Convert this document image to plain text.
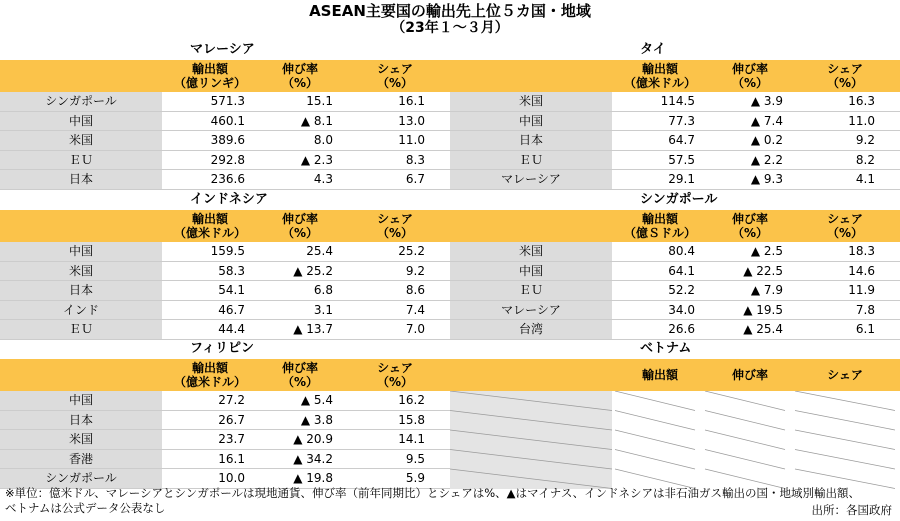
ASEAN主要国の輸出先上位５カ国・地域
（23年１～３月）
マレーシア
輸出額
（億リンギ）
伸び率
（%）
シェア
（%）
シンガポール	571.3	15.1	16.1
中国	460.1	▲ 8.1	13.0
米国	389.6	8.0	11.0
ＥＵ	292.8	▲ 2.3	8.3
日本	236.6	4.3	6.7
タイ
輸出額
（億米ドル）
伸び率
（%）
シェア
（%）
米国	114.5	▲ 3.9	16.3
中国	77.3	▲ 7.4	11.0
日本	64.7	▲ 0.2	9.2
ＥＵ	57.5	▲ 2.2	8.2
マレーシア	29.1	▲ 9.3	4.1
インドネシア
輸出額
（億米ドル）
伸び率
（%）
シェア
（%）
中国	159.5	25.4	25.2
米国	58.3	▲ 25.2	9.2
日本	54.1	6.8	8.6
インド	46.7	3.1	7.4
ＥＵ	44.4	▲ 13.7	7.0
シンガポール
輸出額
（億Ｓドル）
伸び率
（%）
シェア
（%）
米国	80.4	▲ 2.5	18.3
中国	64.1	▲ 22.5	14.6
ＥＵ	52.2	▲ 7.9	11.9
マレーシア	34.0	▲ 19.5	7.8
台湾	26.6	▲ 25.4	6.1
フィリピン
輸出額
（億米ドル）
伸び率
（%）
シェア
（%）
中国	27.2	▲ 5.4	16.2
日本	26.7	▲ 3.8	15.8
米国	23.7	▲ 20.9	14.1
香港	16.1	▲ 34.2	9.5
シンガポール	10.0	▲ 19.8	5.9
ベトナム
輸出額	伸び率	シェア
※単位：億米ドル、マレーシアとシンガポールは現地通貨、伸び率（前年同期比）とシェアは%、▲はマイナス、インドネシアは非石油ガス輸出の国・地域別輸出額、
ベトナムは公式データ公表なし	出所：各国政府
